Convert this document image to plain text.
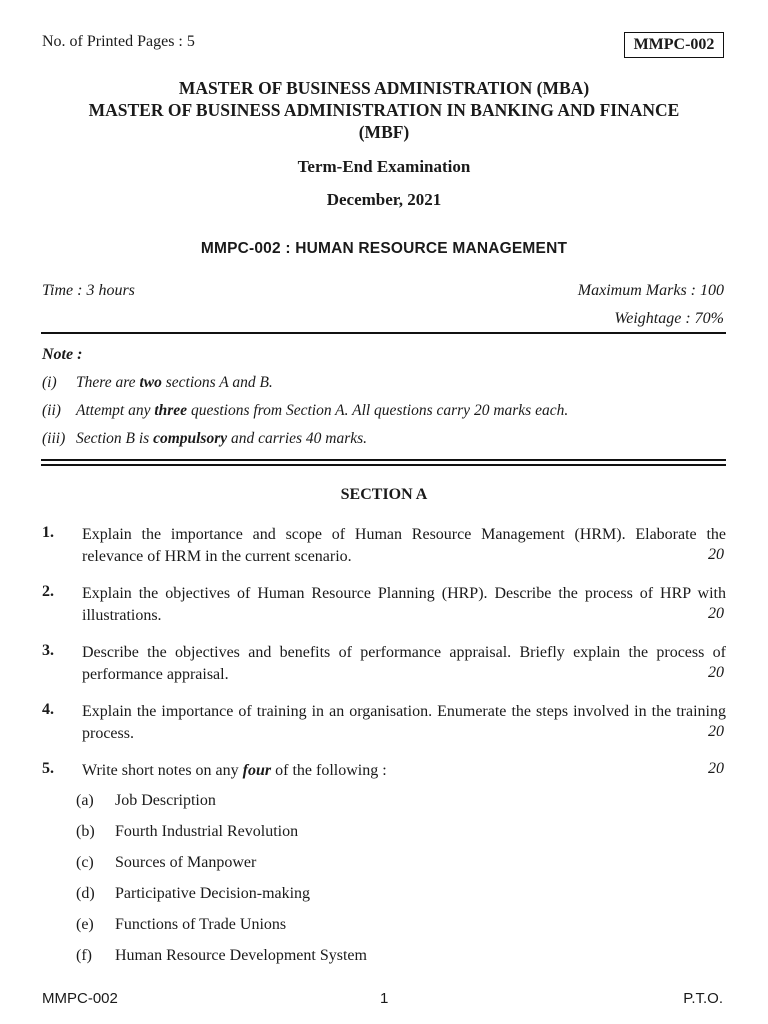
No. of Printed Pages : 5	MMPC-002
MASTER OF BUSINESS ADMINISTRATION (MBA)
MASTER OF BUSINESS ADMINISTRATION IN BANKING AND FINANCE
(MBF)
Term-End Examination
December, 2021
MMPC-002 : HUMAN RESOURCE MANAGEMENT
Time : 3 hours	Maximum Marks : 100
Weightage : 70%
Note :
(i) There are two sections A and B.
(ii) Attempt any three questions from Section A. All questions carry 20 marks each.
(iii) Section B is compulsory and carries 40 marks.
SECTION A
1. Explain the importance and scope of Human Resource Management (HRM). Elaborate the relevance of HRM in the current scenario.	20
2. Explain the objectives of Human Resource Planning (HRP). Describe the process of HRP with illustrations.	20
3. Describe the objectives and benefits of performance appraisal. Briefly explain the process of performance appraisal.	20
4. Explain the importance of training in an organisation. Enumerate the steps involved in the training process.	20
5. Write short notes on any four of the following :	20
(a) Job Description
(b) Fourth Industrial Revolution
(c) Sources of Manpower
(d) Participative Decision-making
(e) Functions of Trade Unions
(f) Human Resource Development System
MMPC-002	1	P.T.O.
